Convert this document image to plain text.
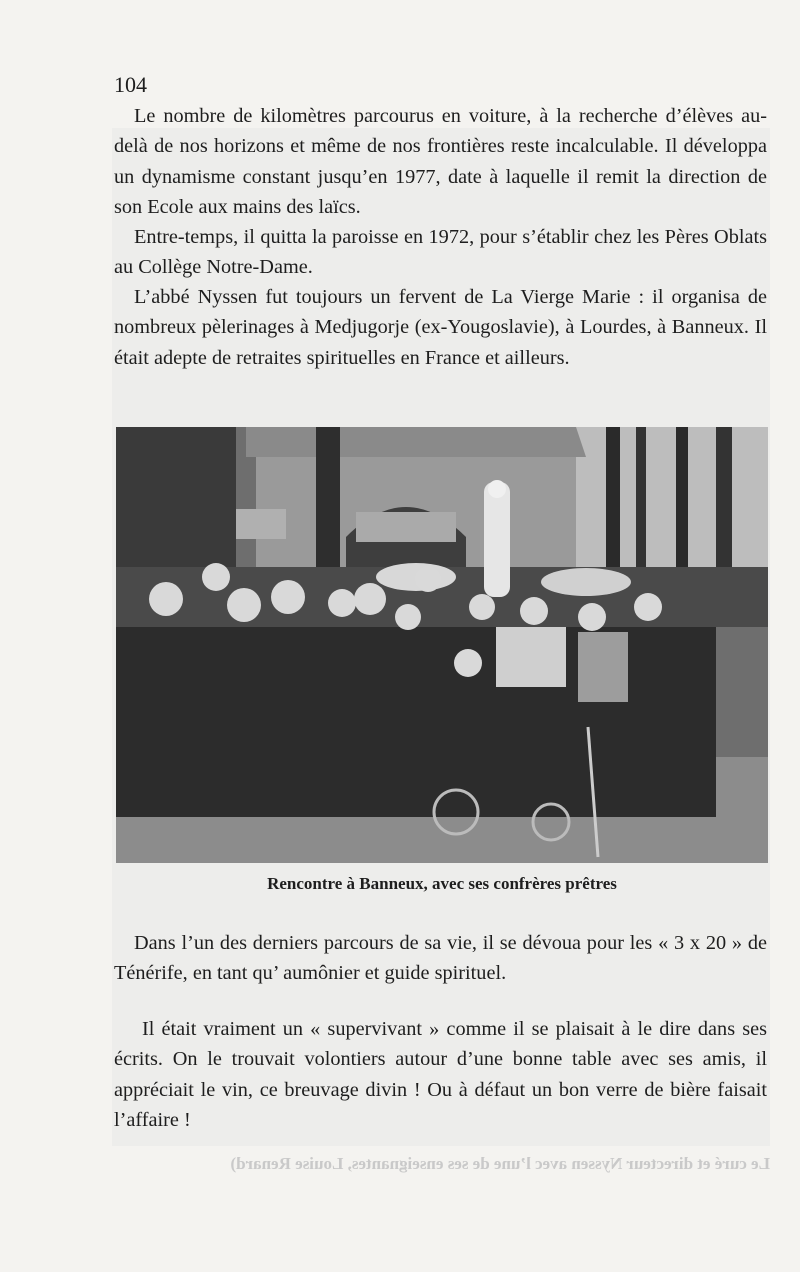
Le curé et directeur Nyssen avec l’une de ses enseignantes, Louise Renard)
104

Le nombre de kilomètres parcourus en voiture, à la recherche d’élèves au-delà de nos horizons et même de nos frontières reste incalculable. Il développa un dynamisme constant jusqu’en 1977, date à laquelle il remit la direction de son Ecole aux mains des laïcs.

Entre-temps, il quitta la paroisse en 1972, pour s’établir chez les Pères Oblats au Collège Notre-Dame.

L’abbé Nyssen fut toujours un fervent de La Vierge Marie : il organisa de nombreux pèlerinages à Medjugorje (ex-Yougoslavie), à Lourdes, à Banneux. Il était adepte de retraites spirituelles en France et ailleurs.

Rencontre à Banneux, avec ses confrères prêtres

Dans l’un des derniers parcours de sa vie, il se dévoua pour les « 3 x 20 » de Ténérife, en tant qu’ aumônier et guide spirituel.

Il était vraiment un « supervivant » comme il se plaisait à le dire dans ses écrits. On le trouvait volontiers autour d’une bonne table avec ses amis, il appréciait le vin, ce breuvage divin ! Ou à défaut un bon verre de bière faisait l’affaire !
